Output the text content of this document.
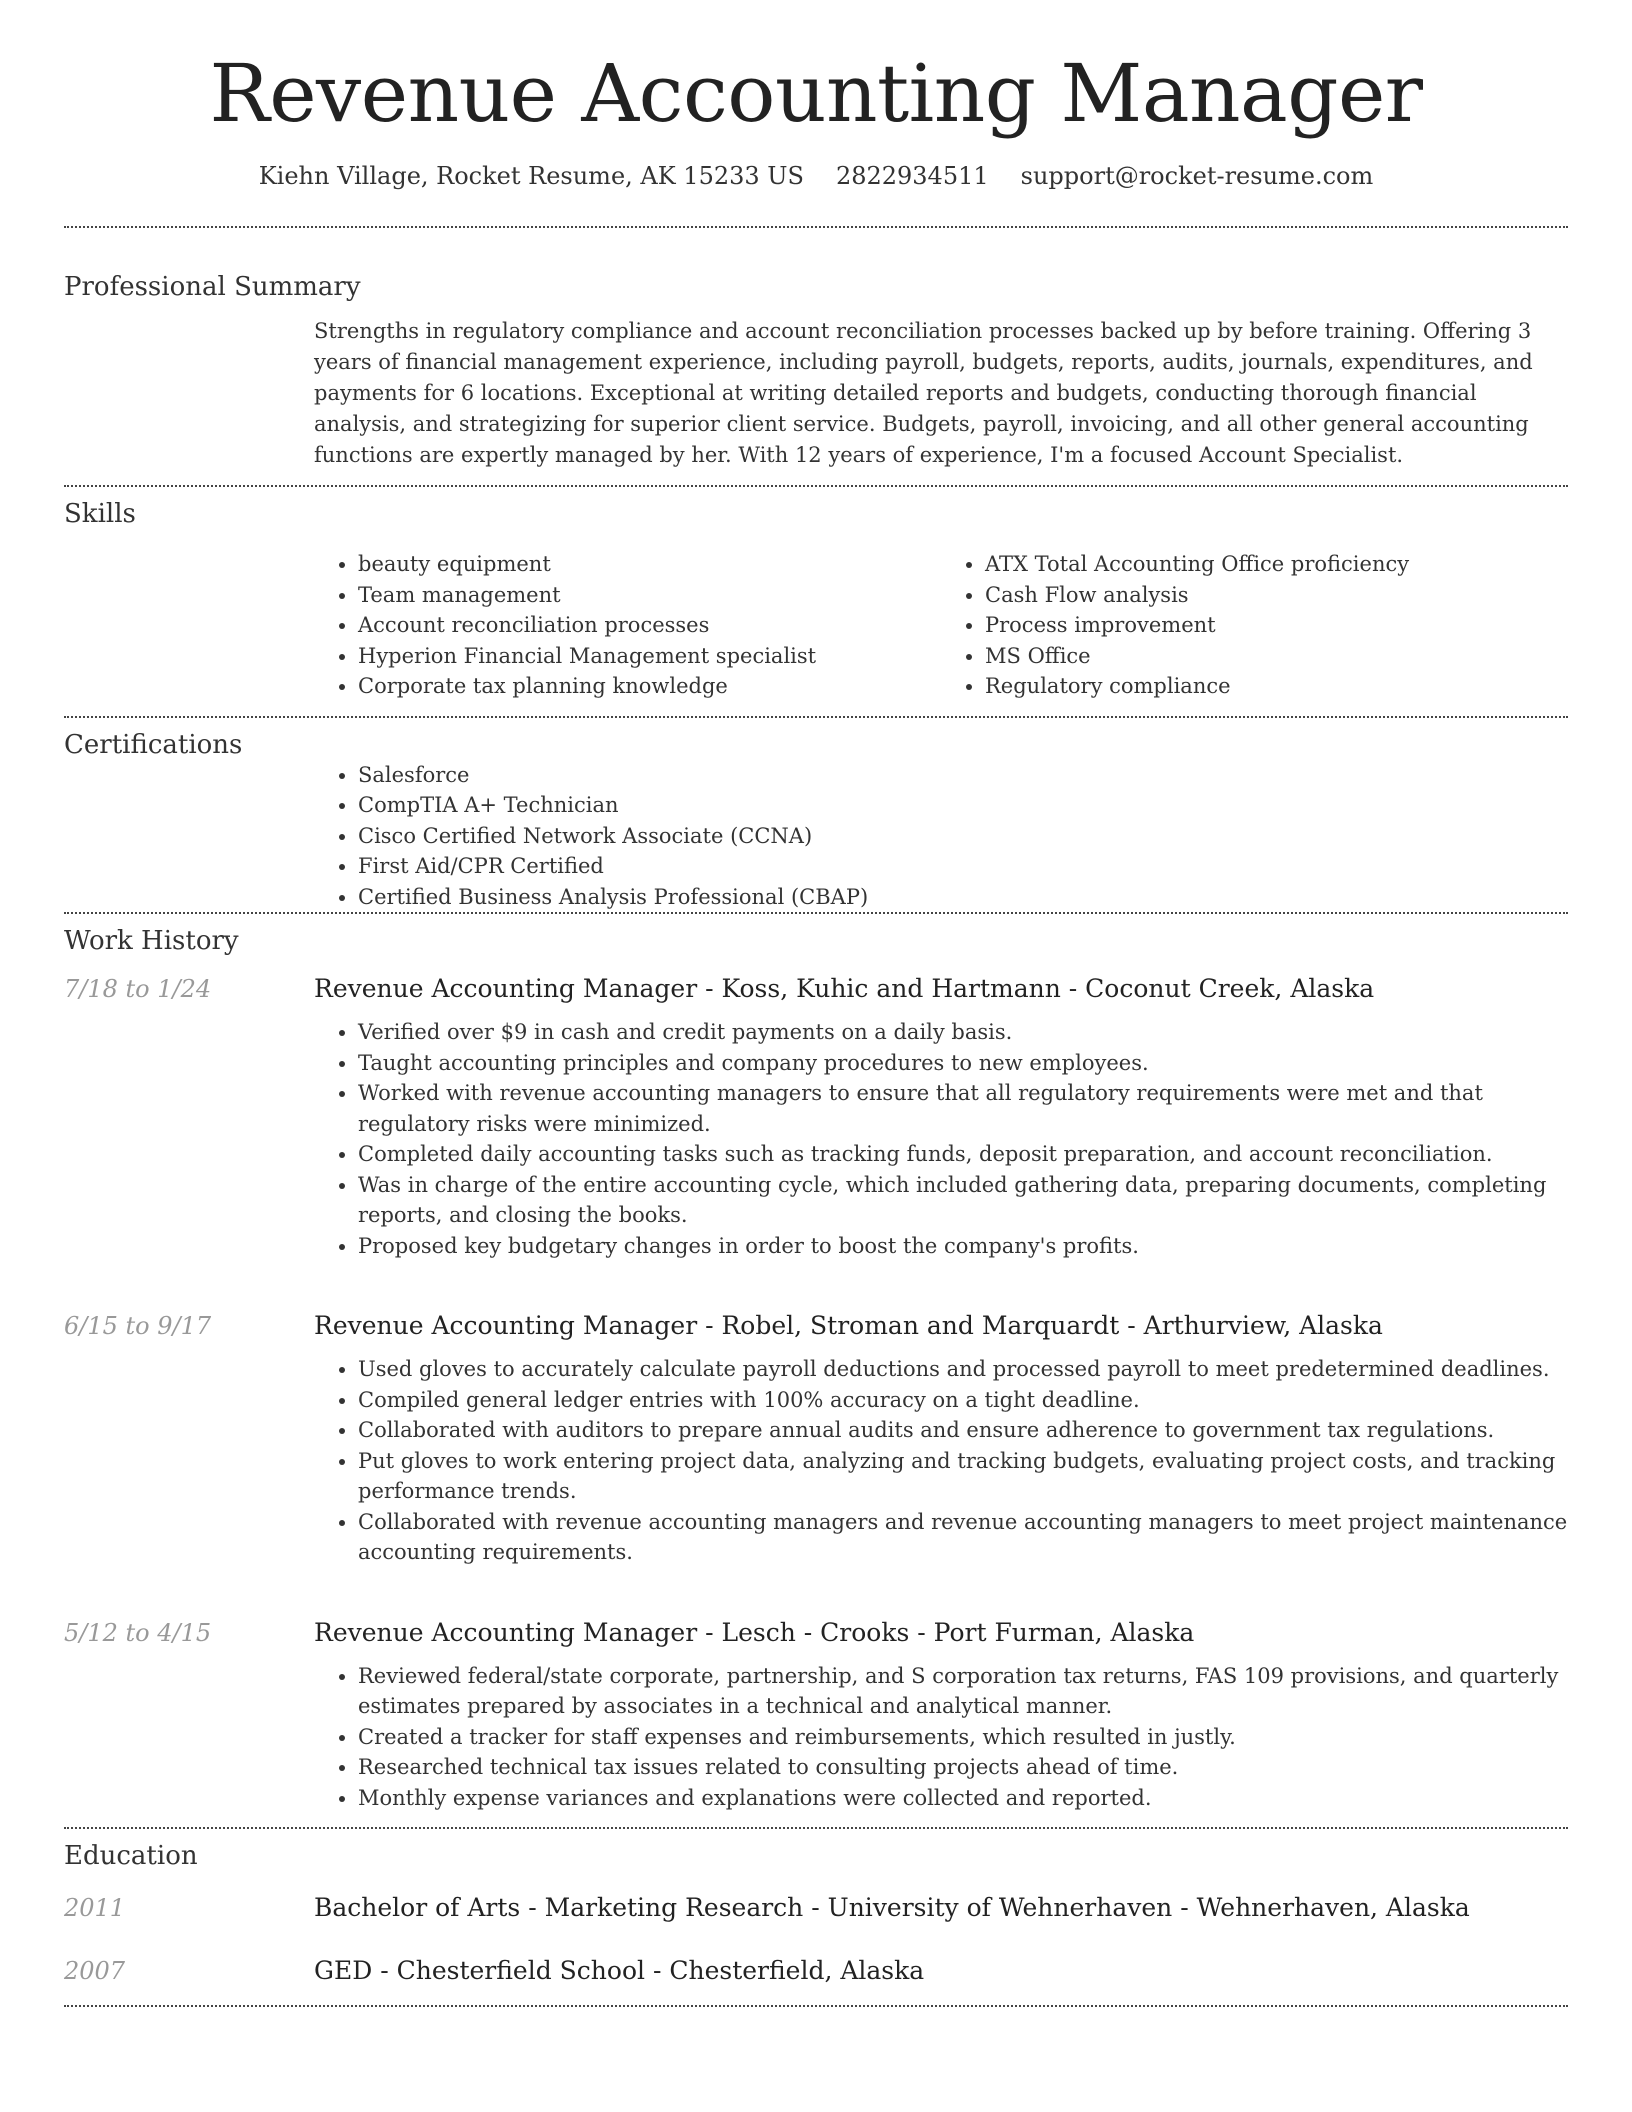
Revenue Accounting Manager
Kiehn Village, Rocket Resume, AK 15233 US 2822934511 support@rocket-resume.com
Professional Summary

Strengths in regulatory compliance and account reconciliation processes backed up by before training. Offering 3 years of financial management experience, including payroll, budgets, reports, audits, journals, expenditures, and payments for 6 locations. Exceptional at writing detailed reports and budgets, conducting thorough financial analysis, and strategizing for superior client service. Budgets, payroll, invoicing, and all other general accounting functions are expertly managed by her. With 12 years of experience, I'm a focused Account Specialist.

Skills
• beauty equipment
• Team management
• Account reconciliation processes
• Hyperion Financial Management specialist
• Corporate tax planning knowledge
• ATX Total Accounting Office proficiency
• Cash Flow analysis
• Process improvement
• MS Office
• Regulatory compliance
Certifications
• Salesforce
• CompTIA A+ Technician
• Cisco Certified Network Associate (CCNA)
• First Aid/CPR Certified
• Certified Business Analysis Professional (CBAP)
Work History
7/18 to 1/24	Revenue Accounting Manager - Koss, Kuhic and Hartmann - Coconut Creek, Alaska
• Verified over $9 in cash and credit payments on a daily basis.
• Taught accounting principles and company procedures to new employees.
• Worked with revenue accounting managers to ensure that all regulatory requirements were met and that regulatory risks were minimized.
• Completed daily accounting tasks such as tracking funds, deposit preparation, and account reconciliation.
• Was in charge of the entire accounting cycle, which included gathering data, preparing documents, completing reports, and closing the books.
• Proposed key budgetary changes in order to boost the company's profits.
6/15 to 9/17	Revenue Accounting Manager - Robel, Stroman and Marquardt - Arthurview, Alaska
• Used gloves to accurately calculate payroll deductions and processed payroll to meet predetermined deadlines.
• Compiled general ledger entries with 100% accuracy on a tight deadline.
• Collaborated with auditors to prepare annual audits and ensure adherence to government tax regulations.
• Put gloves to work entering project data, analyzing and tracking budgets, evaluating project costs, and tracking performance trends.
• Collaborated with revenue accounting managers and revenue accounting managers to meet project maintenance accounting requirements.
5/12 to 4/15	Revenue Accounting Manager - Lesch - Crooks - Port Furman, Alaska
• Reviewed federal/state corporate, partnership, and S corporation tax returns, FAS 109 provisions, and quarterly estimates prepared by associates in a technical and analytical manner.
• Created a tracker for staff expenses and reimbursements, which resulted in justly.
• Researched technical tax issues related to consulting projects ahead of time.
• Monthly expense variances and explanations were collected and reported.
Education
2011	Bachelor of Arts - Marketing Research - University of Wehnerhaven - Wehnerhaven, Alaska
2007	GED - Chesterfield School - Chesterfield, Alaska
